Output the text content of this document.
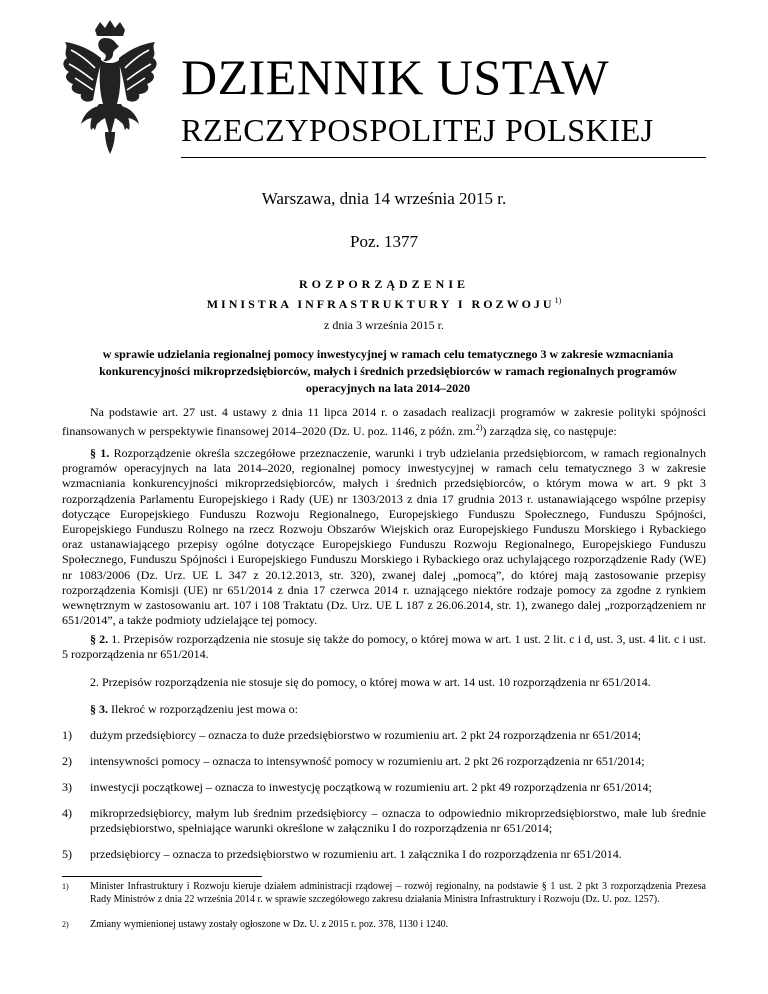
DZIENNIK USTAW
RZECZYPOSPOLITEJ POLSKIEJ
Warszawa, dnia 14 września 2015 r.
Poz. 1377
ROZPORZĄDZENIE
MINISTRA INFRASTRUKTURY I ROZWOJU$^{1)}$
z dnia 3 września 2015 r.
w sprawie udzielania regionalnej pomocy inwestycyjnej w ramach celu tematycznego 3 w zakresie wzmacniania konkurencyjności mikroprzedsiębiorców, małych i średnich przedsiębiorców w ramach regionalnych programów operacyjnych na lata 2014–2020

Na podstawie art. 27 ust. 4 ustawy z dnia 11 lipca 2014 r. o zasadach realizacji programów w zakresie polityki spójności finansowanych w perspektywie finansowej 2014–2020 (Dz. U. poz. 1146, z późn. zm.$^{2)}$) zarządza się, co następuje:

§ 1. Rozporządzenie określa szczegółowe przeznaczenie, warunki i tryb udzielania przedsiębiorcom, w ramach regionalnych programów operacyjnych na lata 2014–2020, regionalnej pomocy inwestycyjnej w ramach celu tematycznego 3 w zakresie wzmacniania konkurencyjności mikroprzedsiębiorców, małych i średnich przedsiębiorców, o którym mowa w art. 9 pkt 3 rozporządzenia Parlamentu Europejskiego i Rady (UE) nr 1303/2013 z dnia 17 grudnia 2013 r. ustanawiającego wspólne przepisy dotyczące Europejskiego Funduszu Rozwoju Regionalnego, Europejskiego Funduszu Społecznego, Funduszu Spójności, Europejskiego Funduszu Rolnego na rzecz Rozwoju Obszarów Wiejskich oraz Europejskiego Funduszu Morskiego i Rybackiego oraz ustanawiającego przepisy ogólne dotyczące Europejskiego Funduszu Rozwoju Regionalnego, Europejskiego Funduszu Społecznego, Funduszu Spójności i Europejskiego Funduszu Morskiego i Rybackiego oraz uchylającego rozporządzenie Rady (WE) nr 1083/2006 (Dz. Urz. UE L 347 z 20.12.2013, str. 320), zwanej dalej „pomocą”, do której mają zastosowanie przepisy rozporządzenia Komisji (UE) nr 651/2014 z dnia 17 czerwca 2014 r. uznającego niektóre rodzaje pomocy za zgodne z rynkiem wewnętrznym w zastosowaniu art. 107 i 108 Traktatu (Dz. Urz. UE L 187 z 26.06.2014, str. 1), zwanego dalej „rozporządzeniem nr 651/2014”, a także podmioty udzielające tej pomocy.

§ 2. 1. Przepisów rozporządzenia nie stosuje się także do pomocy, o której mowa w art. 1 ust. 2 lit. c i d, ust. 3, ust. 4 lit. c i ust. 5 rozporządzenia nr 651/2014.

2. Przepisów rozporządzenia nie stosuje się do pomocy, o której mowa w art. 14 ust. 10 rozporządzenia nr 651/2014.

§ 3. Ilekroć w rozporządzeniu jest mowa o:

1)	dużym przedsiębiorcy – oznacza to duże przedsiębiorstwo w rozumieniu art. 2 pkt 24 rozporządzenia nr 651/2014;
2)	intensywności pomocy – oznacza to intensywność pomocy w rozumieniu art. 2 pkt 26 rozporządzenia nr 651/2014;
3)	inwestycji początkowej – oznacza to inwestycję początkową w rozumieniu art. 2 pkt 49 rozporządzenia nr 651/2014;
4)	mikroprzedsiębiorcy, małym lub średnim przedsiębiorcy – oznacza to odpowiednio mikroprzedsiębiorstwo, małe lub średnie przedsiębiorstwo, spełniające warunki określone w załączniku I do rozporządzenia nr 651/2014;
5)	przedsiębiorcy – oznacza to przedsiębiorstwo w rozumieniu art. 1 załącznika I do rozporządzenia nr 651/2014.
1)	Minister Infrastruktury i Rozwoju kieruje działem administracji rządowej – rozwój regionalny, na podstawie § 1 ust. 2 pkt 3 rozporządzenia Prezesa Rady Ministrów z dnia 22 września 2014 r. w sprawie szczegółowego zakresu działania Ministra Infrastruktury i Rozwoju (Dz. U. poz. 1257).
2)	Zmiany wymienionej ustawy zostały ogłoszone w Dz. U. z 2015 r. poz. 378, 1130 i 1240.
